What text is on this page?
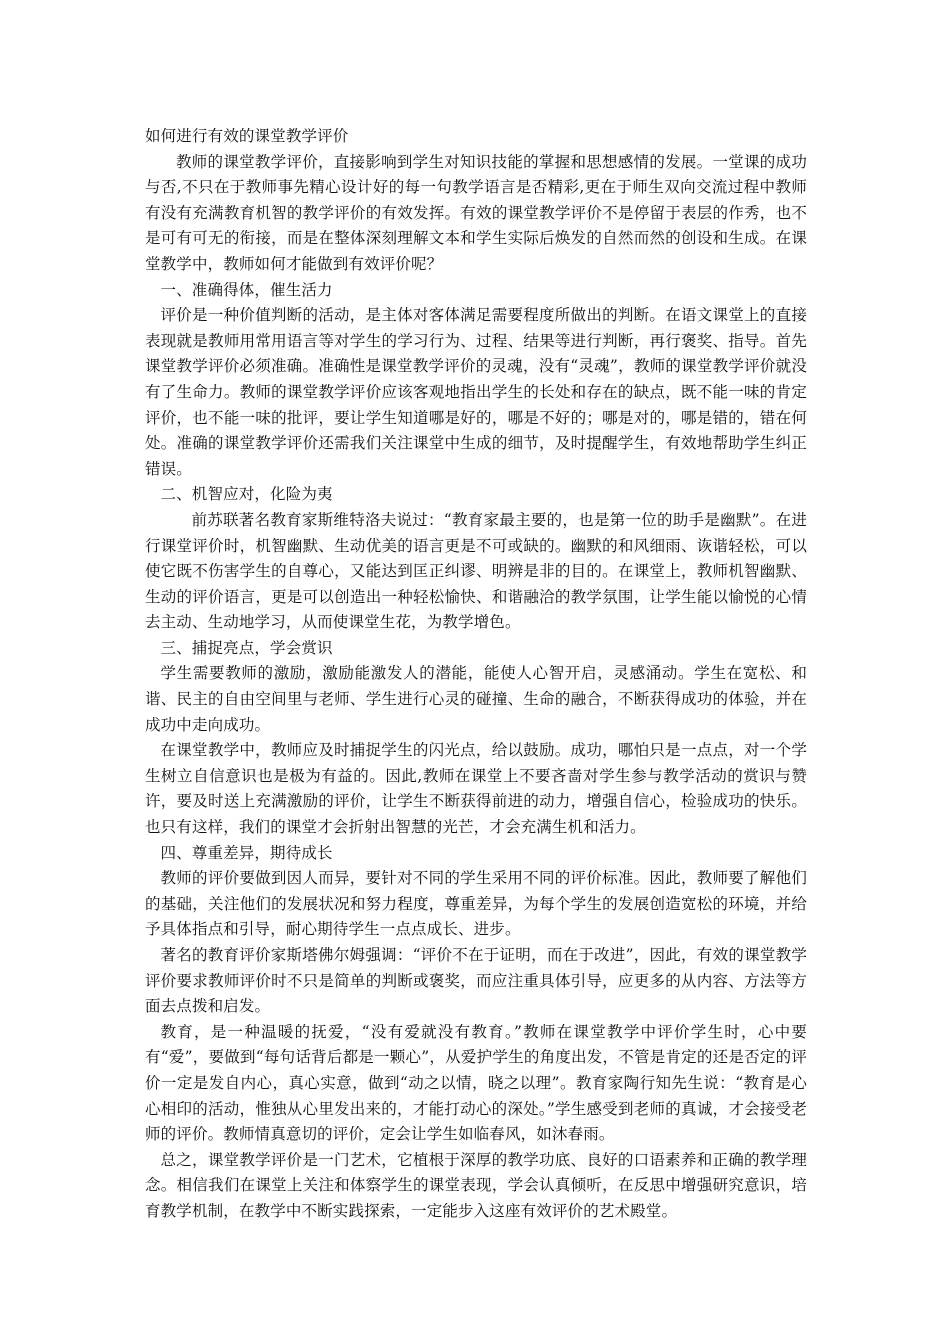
如何进行有效的课堂教学评价

教师的课堂教学评价，直接影响到学生对知识技能的掌握和思想感情的发展。一堂课的成功与否,不只在于教师事先精心设计好的每一句教学语言是否精彩,更在于师生双向交流过程中教师有没有充满教育机智的教学评价的有效发挥。有效的课堂教学评价不是停留于表层的作秀，也不是可有可无的衔接，而是在整体深刻理解文本和学生实际后焕发的自然而然的创设和生成。在课堂教学中，教师如何才能做到有效评价呢？

一、准确得体，催生活力

评价是一种价值判断的活动，是主体对客体满足需要程度所做出的判断。在语文课堂上的直接表现就是教师用常用语言等对学生的学习行为、过程、结果等进行判断，再行褒奖、指导。首先课堂教学评价必须准确。准确性是课堂教学评价的灵魂，没有“灵魂”，教师的课堂教学评价就没有了生命力。教师的课堂教学评价应该客观地指出学生的长处和存在的缺点，既不能一味的肯定评价，也不能一味的批评，要让学生知道哪是好的，哪是不好的；哪是对的，哪是错的，错在何处。准确的课堂教学评价还需我们关注课堂中生成的细节，及时提醒学生，有效地帮助学生纠正错误。

二、机智应对，化险为夷

前苏联著名教育家斯维特洛夫说过：“教育家最主要的，也是第一位的助手是幽默”。在进行课堂评价时，机智幽默、生动优美的语言更是不可或缺的。幽默的和风细雨、诙谐轻松，可以使它既不伤害学生的自尊心，又能达到匡正纠谬、明辨是非的目的。在课堂上，教师机智幽默、生动的评价语言，更是可以创造出一种轻松愉快、和谐融洽的教学氛围，让学生能以愉悦的心情去主动、生动地学习，从而使课堂生花，为教学增色。

三、捕捉亮点，学会赏识

学生需要教师的激励，激励能激发人的潜能，能使人心智开启，灵感涌动。学生在宽松、和谐、民主的自由空间里与老师、学生进行心灵的碰撞、生命的融合，不断获得成功的体验，并在成功中走向成功。

在课堂教学中，教师应及时捕捉学生的闪光点，给以鼓励。成功，哪怕只是一点点，对一个学生树立自信意识也是极为有益的。因此,教师在课堂上不要吝啬对学生参与教学活动的赏识与赞许，要及时送上充满激励的评价，让学生不断获得前进的动力，增强自信心，检验成功的快乐。也只有这样，我们的课堂才会折射出智慧的光芒，才会充满生机和活力。

四、尊重差异，期待成长

教师的评价要做到因人而异，要针对不同的学生采用不同的评价标准。因此，教师要了解他们的基础，关注他们的发展状况和努力程度，尊重差异，为每个学生的发展创造宽松的环境，并给予具体指点和引导，耐心期待学生一点点成长、进步。

著名的教育评价家斯塔佛尔姆强调：“评价不在于证明，而在于改进”，因此，有效的课堂教学评价要求教师评价时不只是简单的判断或褒奖，而应注重具体引导，应更多的从内容、方法等方面去点拨和启发。

教育，是一种温暖的抚爱，“没有爱就没有教育。”教师在课堂教学中评价学生时，心中要有“爱”，要做到“每句话背后都是一颗心”，从爱护学生的角度出发，不管是肯定的还是否定的评价一定是发自内心，真心实意，做到“动之以情，晓之以理”。教育家陶行知先生说：“教育是心心相印的活动，惟独从心里发出来的，才能打动心的深处。”学生感受到老师的真诚，才会接受老师的评价。教师情真意切的评价，定会让学生如临春风，如沐春雨。

总之，课堂教学评价是一门艺术，它植根于深厚的教学功底、良好的口语素养和正确的教学理念。相信我们在课堂上关注和体察学生的课堂表现，学会认真倾听，在反思中增强研究意识，培育教学机制，在教学中不断实践探索，一定能步入这座有效评价的艺术殿堂。
